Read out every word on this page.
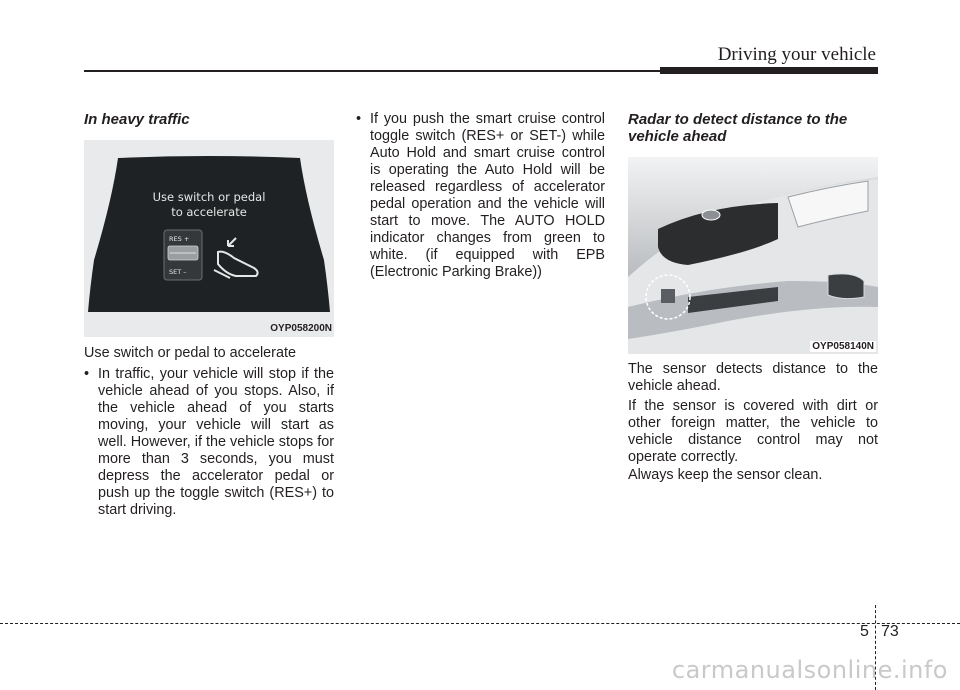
Driving your vehicle

In heavy traffic

Use switch or pedal
to accelerate
RES +
SET –
OYP058200N

Use switch or pedal to accelerate

• In traffic, your vehicle will stop if the vehicle ahead of you stops. Also, if the vehicle ahead of you starts moving, your vehicle will start as well. However, if the vehicle stops for more than 3 seconds, you must depress the accelerator pedal or push up the toggle switch (RES+) to start driving.
• If you push the smart cruise control toggle switch (RES+ or SET-) while Auto Hold and smart cruise control is operating the Auto Hold will be released regardless of accelerator pedal operation and the vehicle will start to move. The AUTO HOLD indicator changes from green to white. (if equipped with EPB (Electronic Parking Brake))

Radar to detect distance to the vehicle ahead

OYP058140N

The sensor detects distance to the vehicle ahead.

If the sensor is covered with dirt or other foreign matter, the vehicle to vehicle distance control may not operate correctly.

Always keep the sensor clean.

5 73
carmanualsonline.info
